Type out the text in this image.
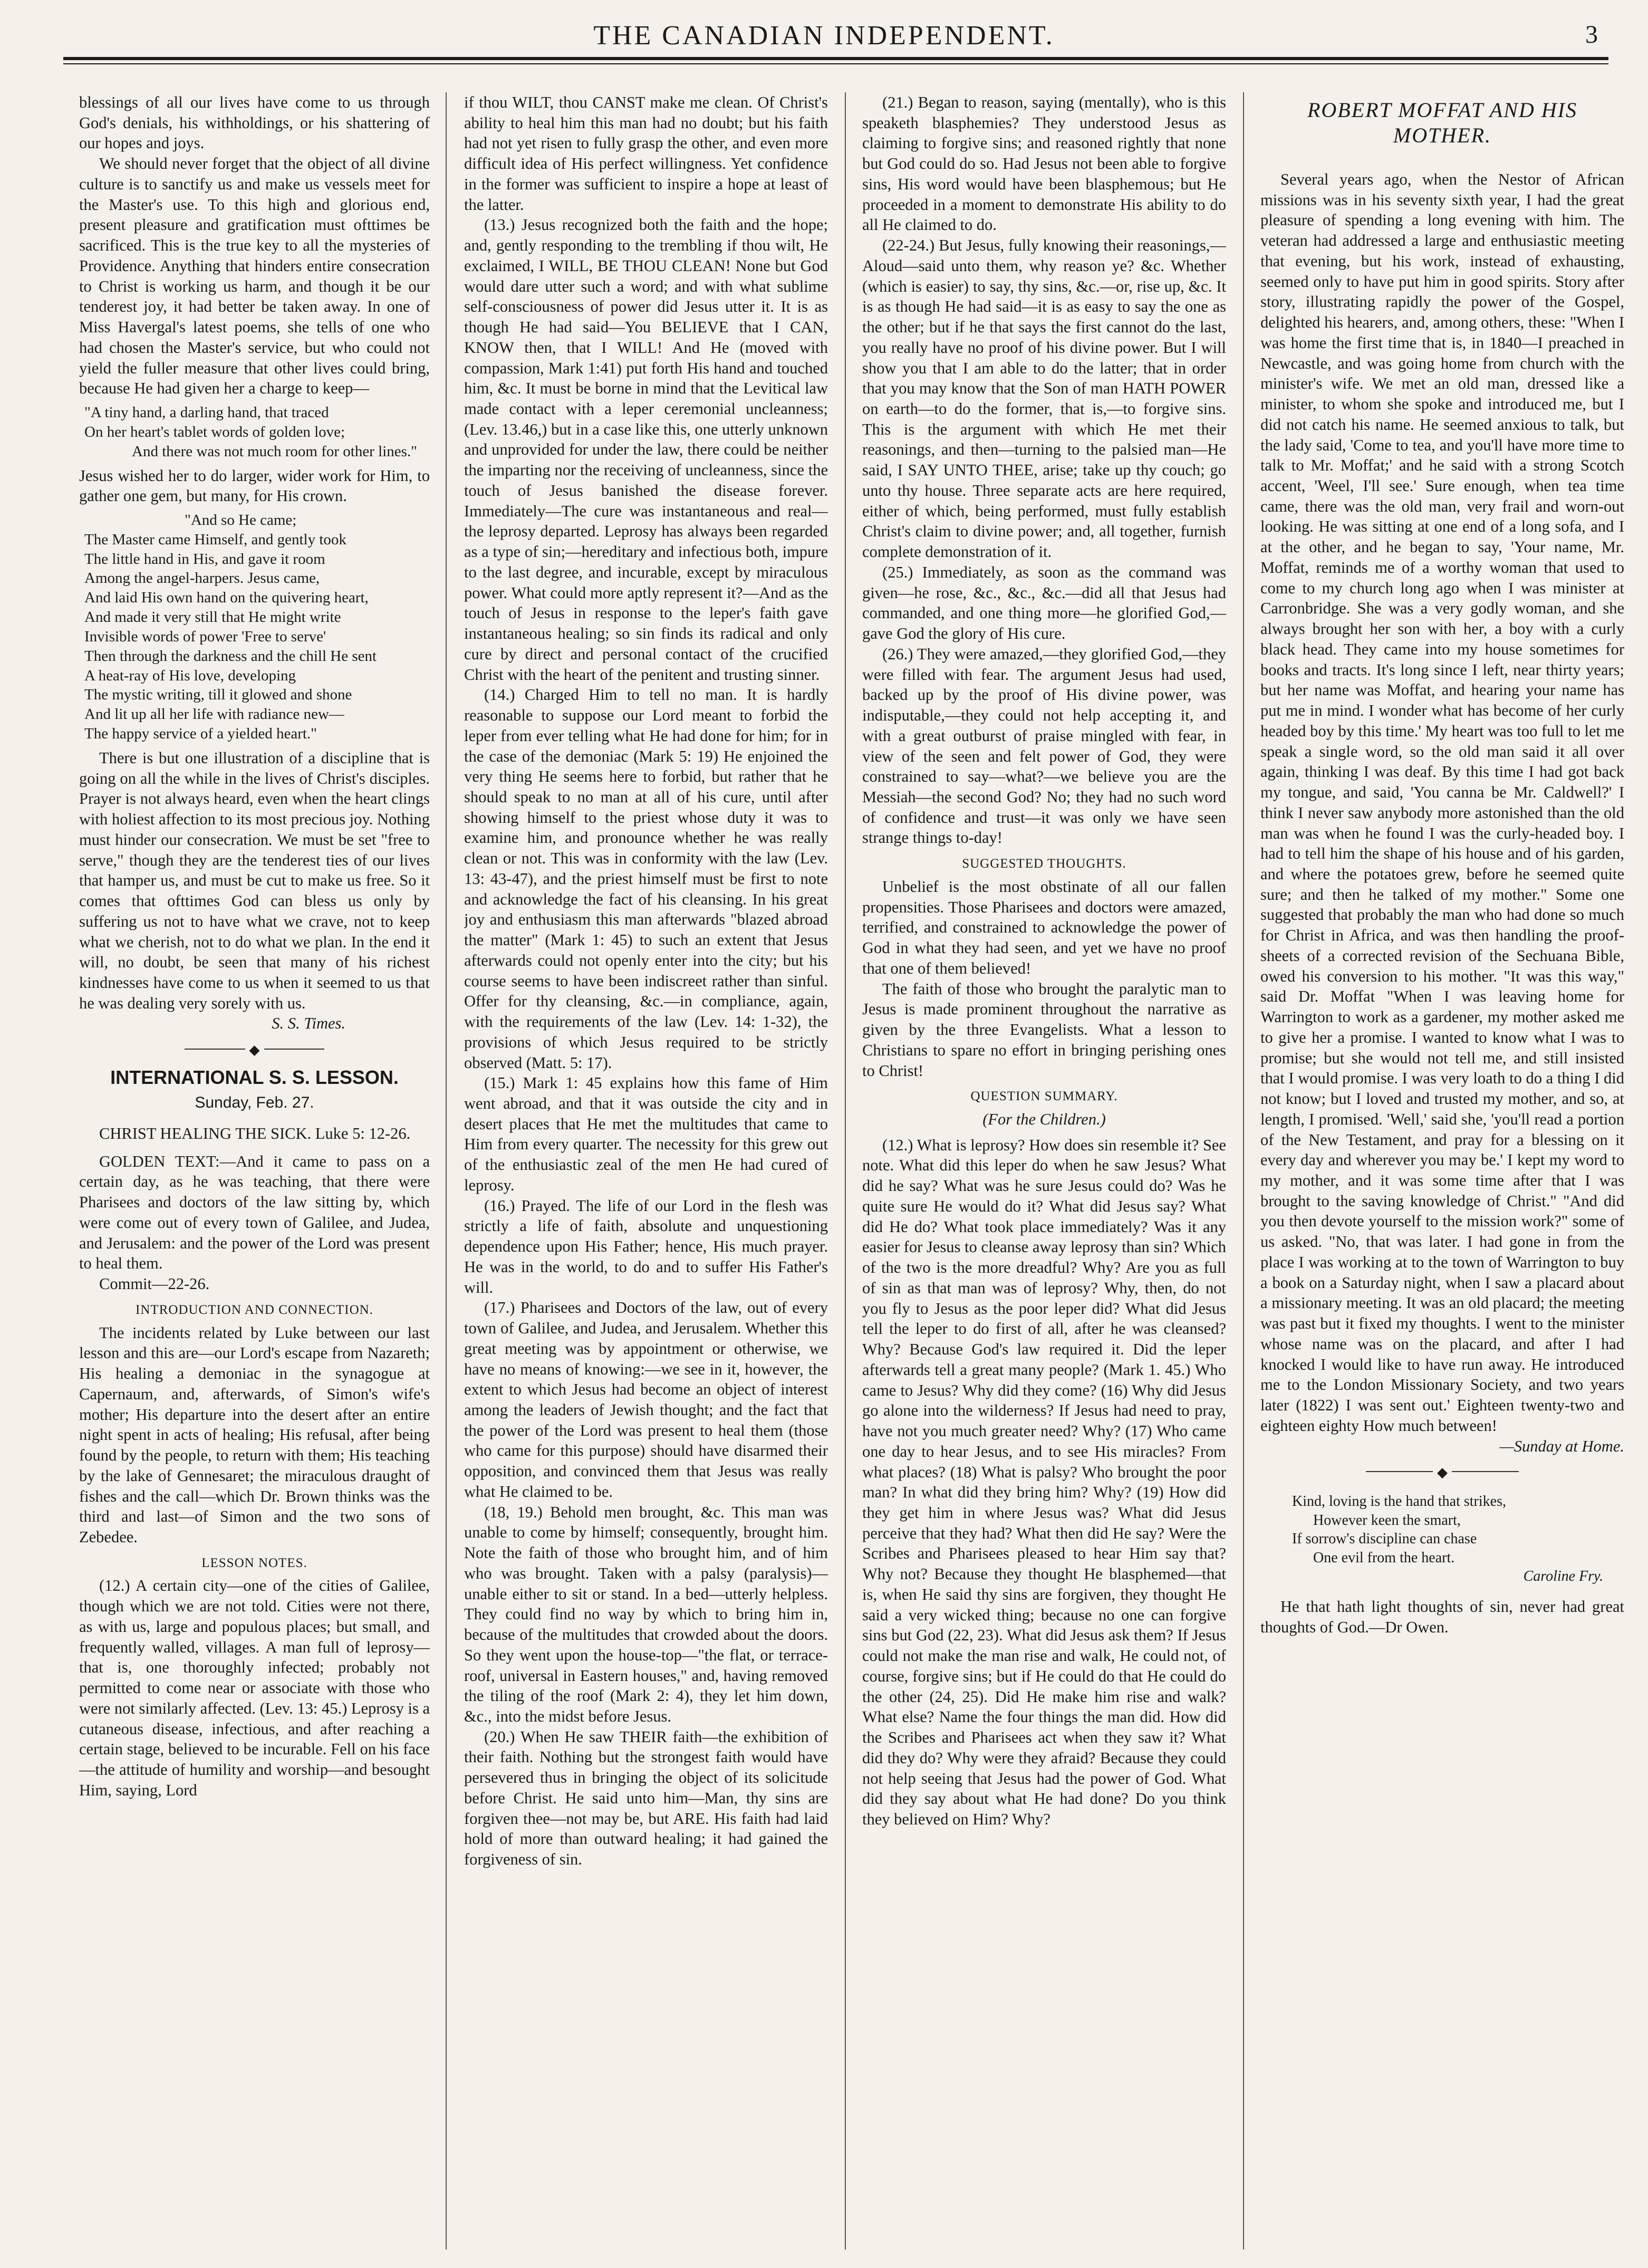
THE CANADIAN INDEPENDENT.	3

blessings of all our lives have come to us through God's denials, his withholdings, or his shattering of our hopes and joys.

We should never forget that the object of all divine culture is to sanctify us and make us vessels meet for the Master's use. To this high and glorious end, present pleasure and gratification must ofttimes be sacrificed. This is the true key to all the mysteries of Providence. Anything that hinders entire consecration to Christ is working us harm, and though it be our tenderest joy, it had better be taken away. In one of Miss Havergal's latest poems, she tells of one who had chosen the Master's service, but who could not yield the fuller measure that other lives could bring, because He had given her a charge to keep—

"A tiny hand, a darling hand, that traced
On her heart's tablet words of golden love;
And there was not much room for other lines."

Jesus wished her to do larger, wider work for Him, to gather one gem, but many, for His crown.

"And so He came;
The Master came Himself, and gently took
The little hand in His, and gave it room
Among the angel-harpers. Jesus came,
And laid His own hand on the quivering heart,
And made it very still that He might write
Invisible words of power 'Free to serve'
Then through the darkness and the chill He sent
A heat-ray of His love, developing
The mystic writing, till it glowed and shone
And lit up all her life with radiance new—
The happy service of a yielded heart."

There is but one illustration of a discipline that is going on all the while in the lives of Christ's disciples. Prayer is not always heard, even when the heart clings with holiest affection to its most precious joy. Nothing must hinder our consecration. We must be set "free to serve," though they are the tenderest ties of our lives that hamper us, and must be cut to make us free. So it comes that ofttimes God can bless us only by suffering us not to have what we crave, not to keep what we cherish, not to do what we plan. In the end it will, no doubt, be seen that many of his richest kindnesses have come to us when it seemed to us that he was dealing very sorely with us.

S. S. Times.
◆
INTERNATIONAL S. S. LESSON.
Sunday, Feb. 27.

CHRIST HEALING THE SICK. Luke 5: 12-26.

GOLDEN TEXT:—And it came to pass on a certain day, as he was teaching, that there were Pharisees and doctors of the law sitting by, which were come out of every town of Galilee, and Judea, and Jerusalem: and the power of the Lord was present to heal them.

Commit—22-26.

INTRODUCTION AND CONNECTION.

The incidents related by Luke between our last lesson and this are—our Lord's escape from Nazareth; His healing a demoniac in the synagogue at Capernaum, and, afterwards, of Simon's wife's mother; His departure into the desert after an entire night spent in acts of healing; His refusal, after being found by the people, to return with them; His teaching by the lake of Gennesaret; the miraculous draught of fishes and the call—which Dr. Brown thinks was the third and last—of Simon and the two sons of Zebedee.

LESSON NOTES.

(12.) A certain city—one of the cities of Galilee, though which we are not told. Cities were not there, as with us, large and populous places; but small, and frequently walled, villages. A man full of leprosy—that is, one thoroughly infected; probably not permitted to come near or associate with those who were not similarly affected. (Lev. 13: 45.) Leprosy is a cutaneous disease, infectious, and after reaching a certain stage, believed to be incurable. Fell on his face—the attitude of humility and worship—and besought Him, saying, Lord

if thou WILT, thou CANST make me clean. Of Christ's ability to heal him this man had no doubt; but his faith had not yet risen to fully grasp the other, and even more difficult idea of His perfect willingness. Yet confidence in the former was sufficient to inspire a hope at least of the latter.

(13.) Jesus recognized both the faith and the hope; and, gently responding to the trembling if thou wilt, He exclaimed, I WILL, BE THOU CLEAN! None but God would dare utter such a word; and with what sublime self-consciousness of power did Jesus utter it. It is as though He had said—You BELIEVE that I CAN, KNOW then, that I WILL! And He (moved with compassion, Mark 1:41) put forth His hand and touched him, &c. It must be borne in mind that the Levitical law made contact with a leper ceremonial uncleanness; (Lev. 13.46,) but in a case like this, one utterly unknown and unprovided for under the law, there could be neither the imparting nor the receiving of uncleanness, since the touch of Jesus banished the disease forever. Immediately—The cure was instantaneous and real—the leprosy departed. Leprosy has always been regarded as a type of sin;—hereditary and infectious both, impure to the last degree, and incurable, except by miraculous power. What could more aptly represent it?—And as the touch of Jesus in response to the leper's faith gave instantaneous healing; so sin finds its radical and only cure by direct and personal contact of the crucified Christ with the heart of the penitent and trusting sinner.

(14.) Charged Him to tell no man. It is hardly reasonable to suppose our Lord meant to forbid the leper from ever telling what He had done for him; for in the case of the demoniac (Mark 5: 19) He enjoined the very thing He seems here to forbid, but rather that he should speak to no man at all of his cure, until after showing himself to the priest whose duty it was to examine him, and pronounce whether he was really clean or not. This was in conformity with the law (Lev. 13: 43-47), and the priest himself must be first to note and acknowledge the fact of his cleansing. In his great joy and enthusiasm this man afterwards "blazed abroad the matter" (Mark 1: 45) to such an extent that Jesus afterwards could not openly enter into the city; but his course seems to have been indiscreet rather than sinful. Offer for thy cleansing, &c.—in compliance, again, with the requirements of the law (Lev. 14: 1-32), the provisions of which Jesus required to be strictly observed (Matt. 5: 17).

(15.) Mark 1: 45 explains how this fame of Him went abroad, and that it was outside the city and in desert places that He met the multitudes that came to Him from every quarter. The necessity for this grew out of the enthusiastic zeal of the men He had cured of leprosy.

(16.) Prayed. The life of our Lord in the flesh was strictly a life of faith, absolute and unquestioning dependence upon His Father; hence, His much prayer. He was in the world, to do and to suffer His Father's will.

(17.) Pharisees and Doctors of the law, out of every town of Galilee, and Judea, and Jerusalem. Whether this great meeting was by appointment or otherwise, we have no means of knowing:—we see in it, however, the extent to which Jesus had become an object of interest among the leaders of Jewish thought; and the fact that the power of the Lord was present to heal them (those who came for this purpose) should have disarmed their opposition, and convinced them that Jesus was really what He claimed to be.

(18, 19.) Behold men brought, &c. This man was unable to come by himself; consequently, brought him. Note the faith of those who brought him, and of him who was brought. Taken with a palsy (paralysis)—unable either to sit or stand. In a bed—utterly helpless. They could find no way by which to bring him in, because of the multitudes that crowded about the doors. So they went upon the house-top—"the flat, or terrace-roof, universal in Eastern houses," and, having removed the tiling of the roof (Mark 2: 4), they let him down, &c., into the midst before Jesus.

(20.) When He saw THEIR faith—the exhibition of their faith. Nothing but the strongest faith would have persevered thus in bringing the object of its solicitude before Christ. He said unto him—Man, thy sins are forgiven thee—not may be, but ARE. His faith had laid hold of more than outward healing; it had gained the forgiveness of sin.

(21.) Began to reason, saying (mentally), who is this speaketh blasphemies? They understood Jesus as claiming to forgive sins; and reasoned rightly that none but God could do so. Had Jesus not been able to forgive sins, His word would have been blasphemous; but He proceeded in a moment to demonstrate His ability to do all He claimed to do.

(22-24.) But Jesus, fully knowing their reasonings,—Aloud—said unto them, why reason ye? &c. Whether (which is easier) to say, thy sins, &c.—or, rise up, &c. It is as though He had said—it is as easy to say the one as the other; but if he that says the first cannot do the last, you really have no proof of his divine power. But I will show you that I am able to do the latter; that in order that you may know that the Son of man HATH POWER on earth—to do the former, that is,—to forgive sins. This is the argument with which He met their reasonings, and then—turning to the palsied man—He said, I SAY UNTO THEE, arise; take up thy couch; go unto thy house. Three separate acts are here required, either of which, being performed, must fully establish Christ's claim to divine power; and, all together, furnish complete demonstration of it.

(25.) Immediately, as soon as the command was given—he rose, &c., &c., &c.—did all that Jesus had commanded, and one thing more—he glorified God,—gave God the glory of His cure.

(26.) They were amazed,—they glorified God,—they were filled with fear. The argument Jesus had used, backed up by the proof of His divine power, was indisputable,—they could not help accepting it, and with a great outburst of praise mingled with fear, in view of the seen and felt power of God, they were constrained to say—what?—we believe you are the Messiah—the second God? No; they had no such word of confidence and trust—it was only we have seen strange things to-day!

SUGGESTED THOUGHTS.

Unbelief is the most obstinate of all our fallen propensities. Those Pharisees and doctors were amazed, terrified, and constrained to acknowledge the power of God in what they had seen, and yet we have no proof that one of them believed!

The faith of those who brought the paralytic man to Jesus is made prominent throughout the narrative as given by the three Evangelists. What a lesson to Christians to spare no effort in bringing perishing ones to Christ!

QUESTION SUMMARY.
(For the Children.)

(12.) What is leprosy? How does sin resemble it? See note. What did this leper do when he saw Jesus? What did he say? What was he sure Jesus could do? Was he quite sure He would do it? What did Jesus say? What did He do? What took place immediately? Was it any easier for Jesus to cleanse away leprosy than sin? Which of the two is the more dreadful? Why? Are you as full of sin as that man was of leprosy? Why, then, do not you fly to Jesus as the poor leper did? What did Jesus tell the leper to do first of all, after he was cleansed? Why? Because God's law required it. Did the leper afterwards tell a great many people? (Mark 1. 45.) Who came to Jesus? Why did they come? (16) Why did Jesus go alone into the wilderness? If Jesus had need to pray, have not you much greater need? Why? (17) Who came one day to hear Jesus, and to see His miracles? From what places? (18) What is palsy? Who brought the poor man? In what did they bring him? Why? (19) How did they get him in where Jesus was? What did Jesus perceive that they had? What then did He say? Were the Scribes and Pharisees pleased to hear Him say that? Why not? Because they thought He blasphemed—that is, when He said thy sins are forgiven, they thought He said a very wicked thing; because no one can forgive sins but God (22, 23). What did Jesus ask them? If Jesus could not make the man rise and walk, He could not, of course, forgive sins; but if He could do that He could do the other (24, 25). Did He make him rise and walk? What else? Name the four things the man did. How did the Scribes and Pharisees act when they saw it? What did they do? Why were they afraid? Because they could not help seeing that Jesus had the power of God. What did they say about what He had done? Do you think they believed on Him? Why?

ROBERT MOFFAT AND HIS
MOTHER.

Several years ago, when the Nestor of African missions was in his seventy sixth year, I had the great pleasure of spending a long evening with him. The veteran had addressed a large and enthusiastic meeting that evening, but his work, instead of exhausting, seemed only to have put him in good spirits. Story after story, illustrating rapidly the power of the Gospel, delighted his hearers, and, among others, these: "When I was home the first time that is, in 1840—I preached in Newcastle, and was going home from church with the minister's wife. We met an old man, dressed like a minister, to whom she spoke and introduced me, but I did not catch his name. He seemed anxious to talk, but the lady said, 'Come to tea, and you'll have more time to talk to Mr. Moffat;' and he said with a strong Scotch accent, 'Weel, I'll see.' Sure enough, when tea time came, there was the old man, very frail and worn-out looking. He was sitting at one end of a long sofa, and I at the other, and he began to say, 'Your name, Mr. Moffat, reminds me of a worthy woman that used to come to my church long ago when I was minister at Carronbridge. She was a very godly woman, and she always brought her son with her, a boy with a curly black head. They came into my house sometimes for books and tracts. It's long since I left, near thirty years; but her name was Moffat, and hearing your name has put me in mind. I wonder what has become of her curly headed boy by this time.' My heart was too full to let me speak a single word, so the old man said it all over again, thinking I was deaf. By this time I had got back my tongue, and said, 'You canna be Mr. Caldwell?' I think I never saw anybody more astonished than the old man was when he found I was the curly-headed boy. I had to tell him the shape of his house and of his garden, and where the potatoes grew, before he seemed quite sure; and then he talked of my mother." Some one suggested that probably the man who had done so much for Christ in Africa, and was then handling the proof-sheets of a corrected revision of the Sechuana Bible, owed his conversion to his mother. "It was this way," said Dr. Moffat "When I was leaving home for Warrington to work as a gardener, my mother asked me to give her a promise. I wanted to know what I was to promise; but she would not tell me, and still insisted that I would promise. I was very loath to do a thing I did not know; but I loved and trusted my mother, and so, at length, I promised. 'Well,' said she, 'you'll read a portion of the New Testament, and pray for a blessing on it every day and wherever you may be.' I kept my word to my mother, and it was some time after that I was brought to the saving knowledge of Christ." "And did you then devote yourself to the mission work?" some of us asked. "No, that was later. I had gone in from the place I was working at to the town of Warrington to buy a book on a Saturday night, when I saw a placard about a missionary meeting. It was an old placard; the meeting was past but it fixed my thoughts. I went to the minister whose name was on the placard, and after I had knocked I would like to have run away. He introduced me to the London Missionary Society, and two years later (1822) I was sent out.' Eighteen twenty-two and eighteen eighty How much between!

—Sunday at Home.
◆
Kind, loving is the hand that strikes,
However keen the smart,
If sorrow's discipline can chase
One evil from the heart.
Caroline Fry.

He that hath light thoughts of sin, never had great thoughts of God.—Dr Owen.
